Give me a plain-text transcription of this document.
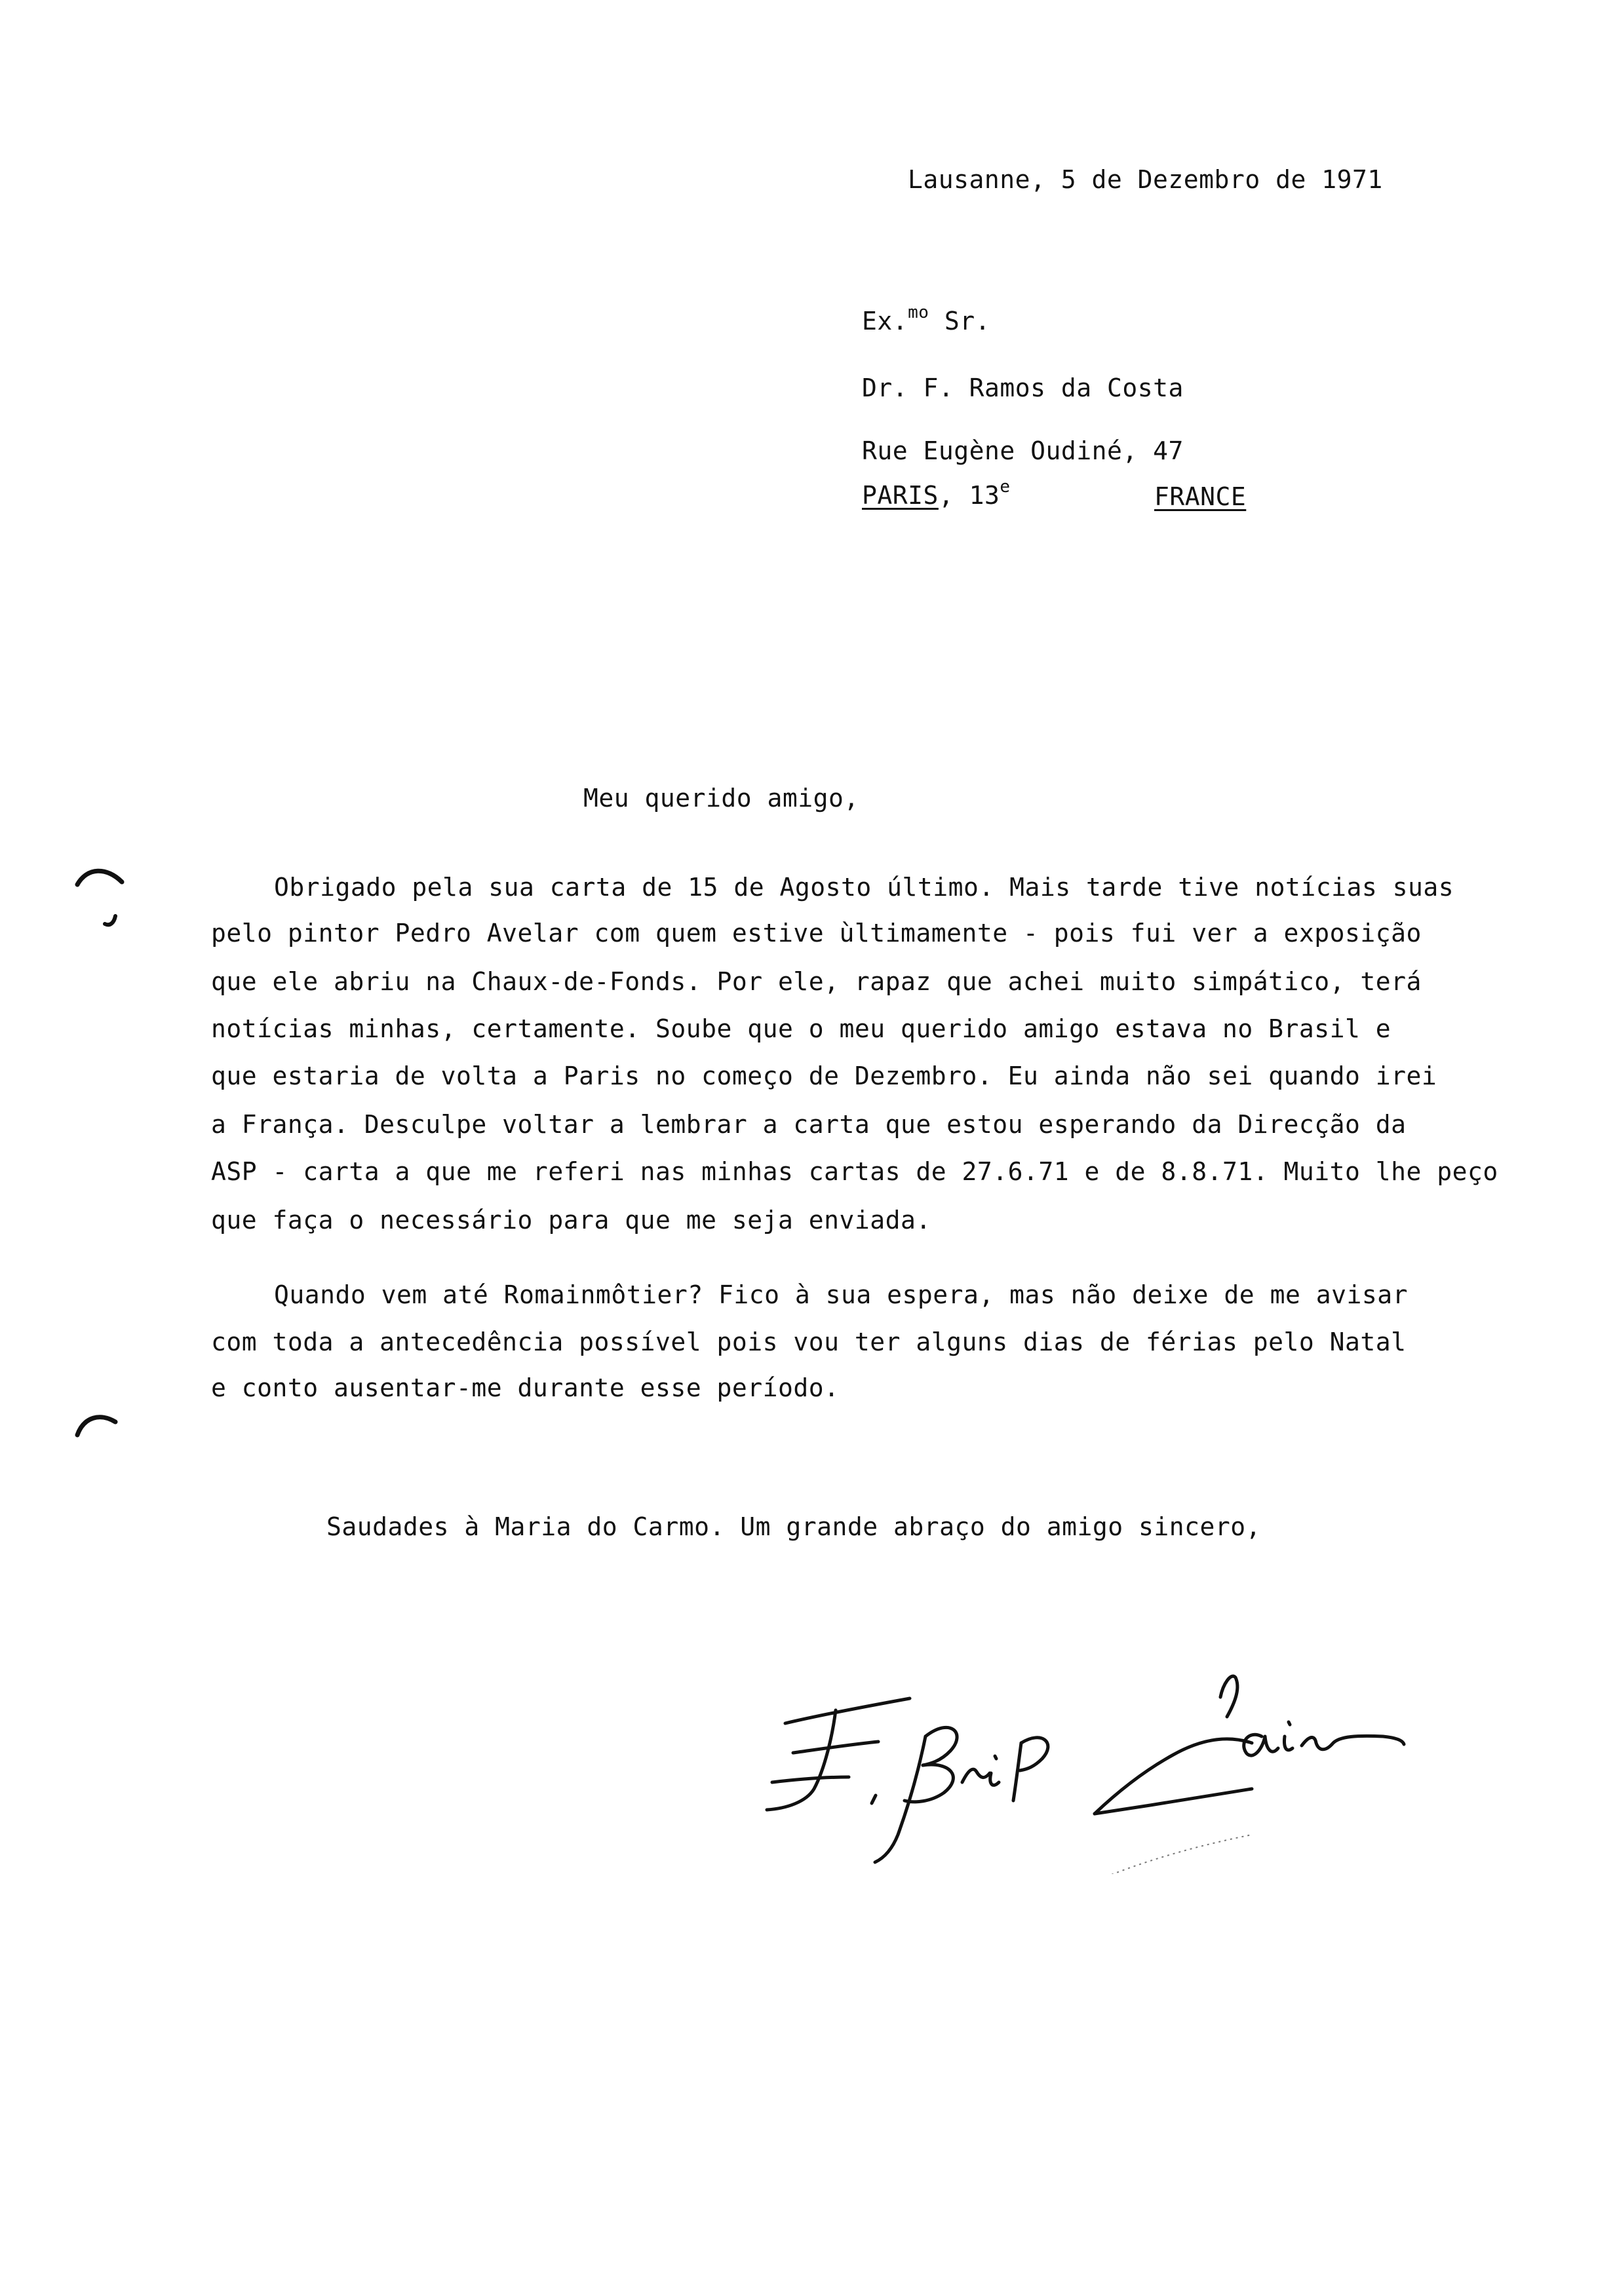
Lausanne, 5 de Dezembro de 1971
Ex.$^{mo}$ Sr.
Dr. F. Ramos da Costa
Rue Eugène Oudiné, 47
PARIS, 13e	FRANCE
Meu querido amigo,
Obrigado pela sua carta de 15 de Agosto último. Mais tarde tive notícias suas
pelo pintor Pedro Avelar com quem estive ùltimamente - pois fui ver a exposição
que ele abriu na Chaux-de-Fonds. Por ele, rapaz que achei muito simpático, terá
notícias minhas, certamente. Soube que o meu querido amigo estava no Brasil e
que estaria de volta a Paris no começo de Dezembro. Eu ainda não sei quando irei
a França. Desculpe voltar a lembrar a carta que estou esperando da Direcção da
ASP - carta a que me referi nas minhas cartas de 27.6.71 e de 8.8.71. Muito lhe peço
que faça o necessário para que me seja enviada.
Quando vem até Romainmôtier? Fico à sua espera, mas não deixe de me avisar
com toda a antecedência possível pois vou ter alguns dias de férias pelo Natal
e conto ausentar-me durante esse período.
Saudades à Maria do Carmo. Um grande abraço do amigo sincero,
